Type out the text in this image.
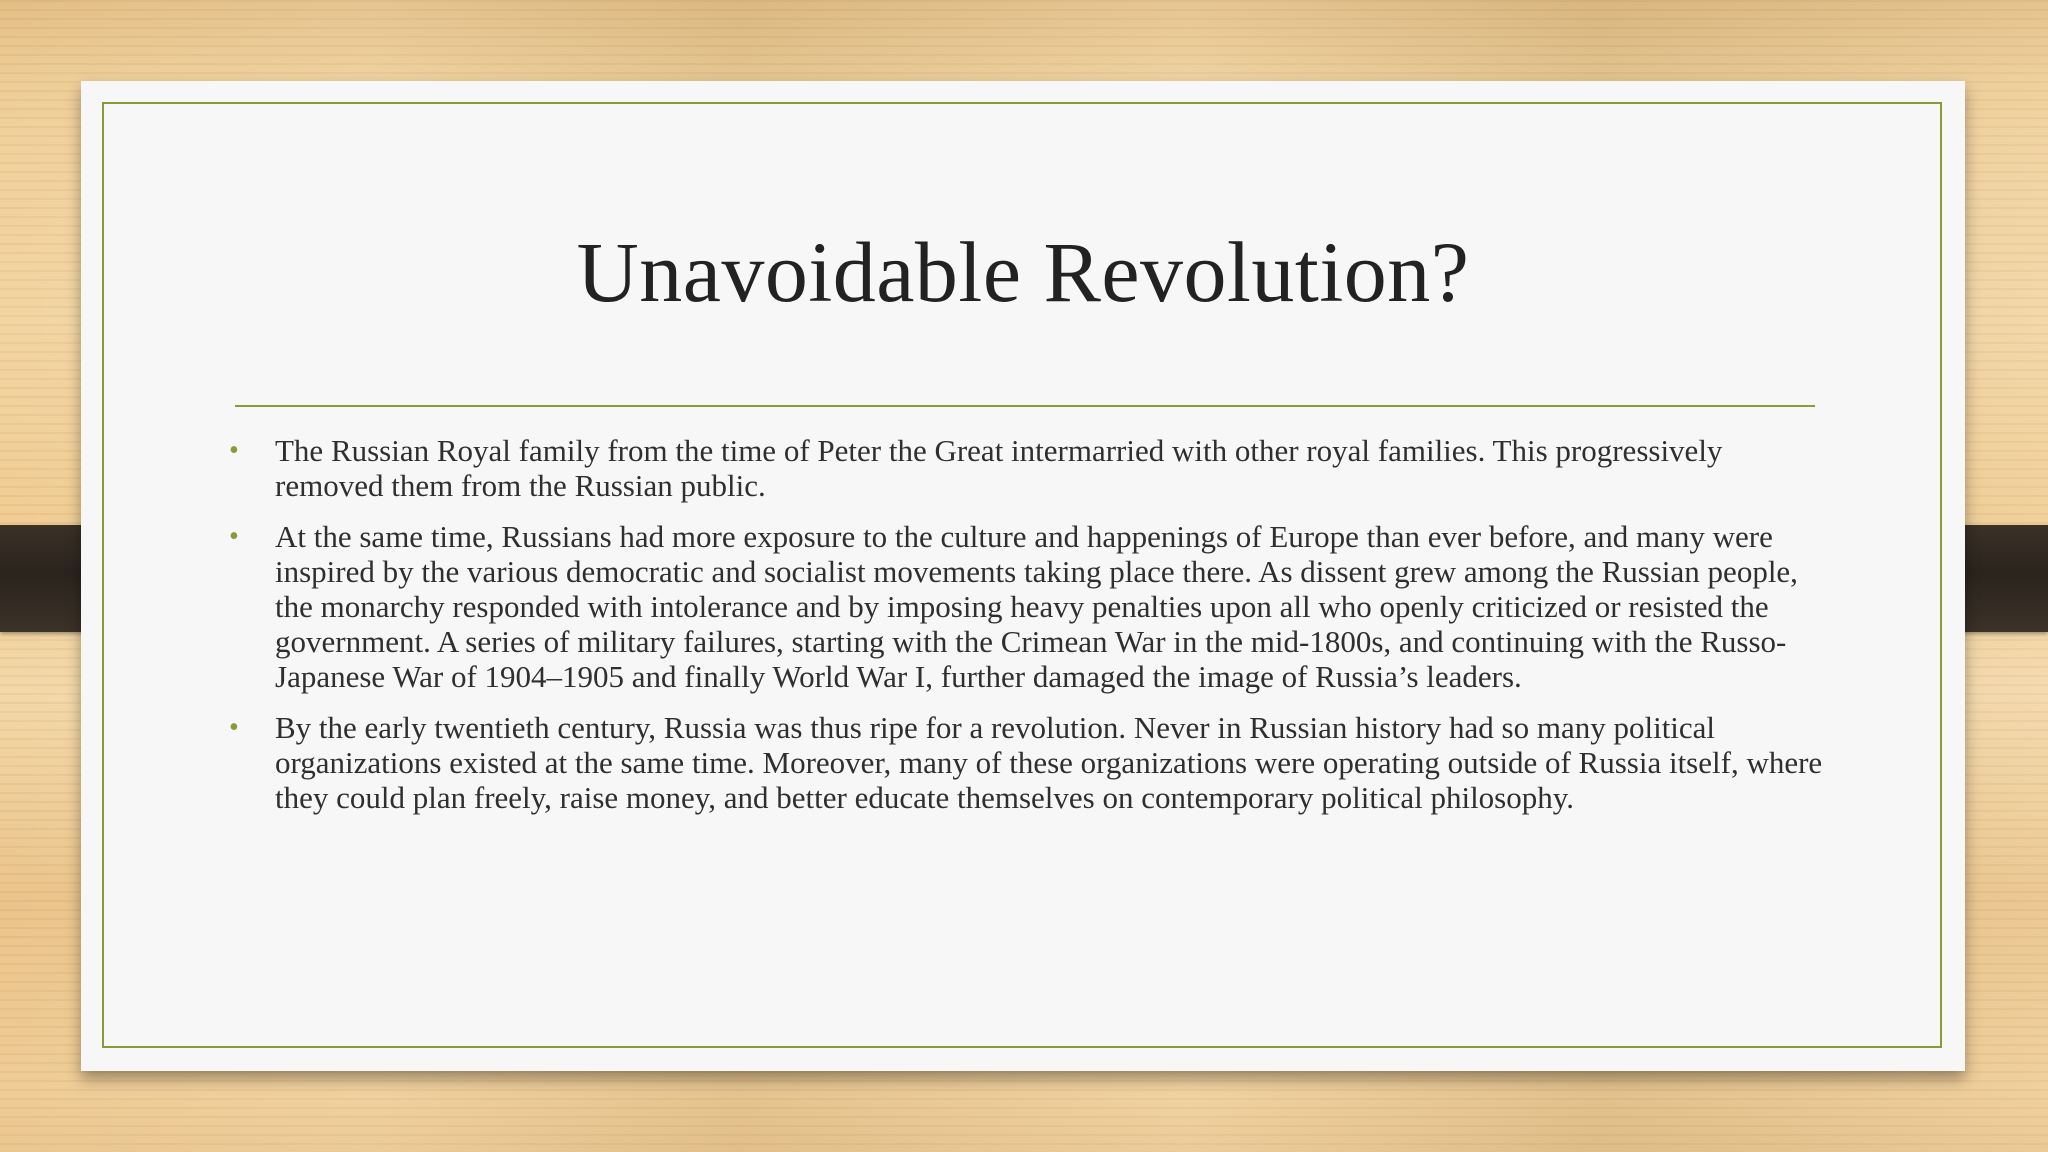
Unavoidable Revolution?
• The Russian Royal family from the time of Peter the Great intermarried with other royal families. This progressively removed them from the Russian public.
• At the same time, Russians had more exposure to the culture and happenings of Europe than ever before, and many were inspired by the various democratic and socialist movements taking place there. As dissent grew among the Russian people, the monarchy responded with intolerance and by imposing heavy penalties upon all who openly criticized or resisted the government. A series of military failures, starting with the Crimean War in the mid-1800s, and continuing with the Russo-Japanese War of 1904–1905 and finally World War I, further damaged the image of Russia’s leaders.
• By the early twentieth century, Russia was thus ripe for a revolution. Never in Russian history had so many political organizations existed at the same time. Moreover, many of these organizations were operating outside of Russia itself, where they could plan freely, raise money, and better educate themselves on contemporary political philosophy.
